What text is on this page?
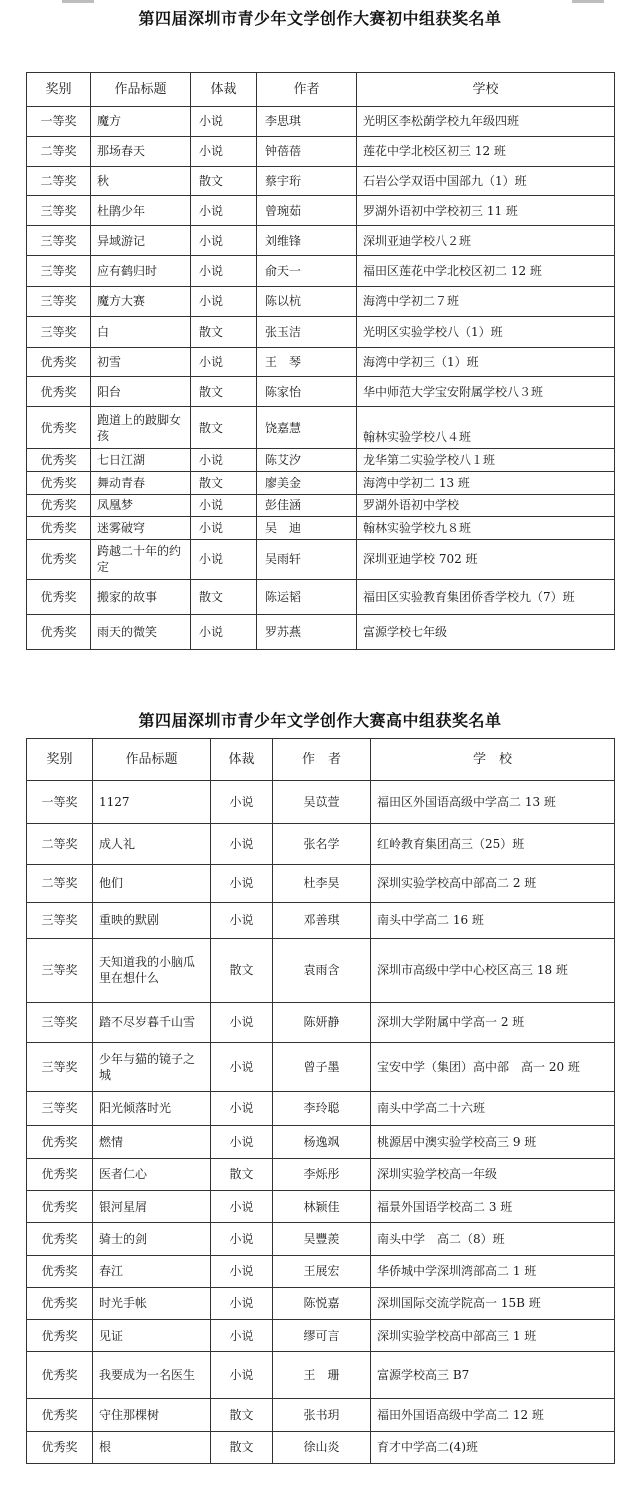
第四届深圳市青少年文学创作大赛初中组获奖名单
奖别	作品标题	体裁	作者	学校
一等奖	魔方	小说	李思琪	光明区李松蓢学校九年级四班
二等奖	那场春天	小说	钟蓓蓓	莲花中学北校区初三 12 班
二等奖	秋	散文	蔡宇珩	石岩公学双语中国部九（1）班
三等奖	杜鹃少年	小说	曾琬茹	罗湖外语初中学校初三 11 班
三等奖	异域游记	小说	刘维锋	深圳亚迪学校八２班
三等奖	应有鹤归时	小说	俞天一	福田区莲花中学北校区初二 12 班
三等奖	魔方大赛	小说	陈以杭	海湾中学初二７班
三等奖	白	散文	张玉洁	光明区实验学校八（1）班
优秀奖	初雪	小说	王　琴	海湾中学初三（1）班
优秀奖	阳台	散文	陈家怡	华中师范大学宝安附属学校八３班
优秀奖	跑道上的跛脚女孩	散文	饶嘉慧	翰林实验学校八４班
优秀奖	七日江湖	小说	陈艾汐	龙华第二实验学校八１班
优秀奖	舞动青春	散文	廖美金	海湾中学初二 13 班
优秀奖	凤凰梦	小说	彭佳涵	罗湖外语初中学校
优秀奖	迷雾破穹	小说	吴　迪	翰林实验学校九８班
优秀奖	跨越二十年的约定	小说	吴雨轩	深圳亚迪学校 702 班
优秀奖	搬家的故事	散文	陈运韬	福田区实验教育集团侨香学校九（7）班
优秀奖	雨天的微笑	小说	罗苏燕	富源学校七年级
第四届深圳市青少年文学创作大赛高中组获奖名单
奖别	作品标题	体裁	作　者	学　校
一等奖	1127	小说	吴苡萱	福田区外国语高级中学高二 13 班
二等奖	成人礼	小说	张名学	红岭教育集团高三（25）班
二等奖	他们	小说	杜李昊	深圳实验学校高中部高二 2 班
三等奖	重映的默剧	小说	邓善琪	南头中学高二 16 班
三等奖	天知道我的小脑瓜里在想什么	散文	袁雨含	深圳市高级中学中心校区高三 18 班
三等奖	踏不尽岁暮千山雪	小说	陈妍静	深圳大学附属中学高一 2 班
三等奖	少年与猫的镜子之城	小说	曾子墨	宝安中学（集团）高中部　高一 20 班
三等奖	阳光倾落时光	小说	李玲聪	南头中学高二十六班
优秀奖	燃情	小说	杨逸飒	桃源居中澳实验学校高三 9 班
优秀奖	医者仁心	散文	李烁彤	深圳实验学校高一年级
优秀奖	银河星屑	小说	林颖佳	福景外国语学校高二 3 班
优秀奖	骑士的剑	小说	吴豐羨	南头中学　高二（8）班
优秀奖	春江	小说	王展宏	华侨城中学深圳湾部高二 1 班
优秀奖	时光手帐	小说	陈悦嘉	深圳国际交流学院高一 15B 班
优秀奖	见证	小说	缪可言	深圳实验学校高中部高三 1 班
优秀奖	我要成为一名医生	小说	王　珊	富源学校高三 B7
优秀奖	守住那棵树	散文	张书玥	福田外国语高级中学高二 12 班
优秀奖	根	散文	徐山炎	育才中学高二(4)班
